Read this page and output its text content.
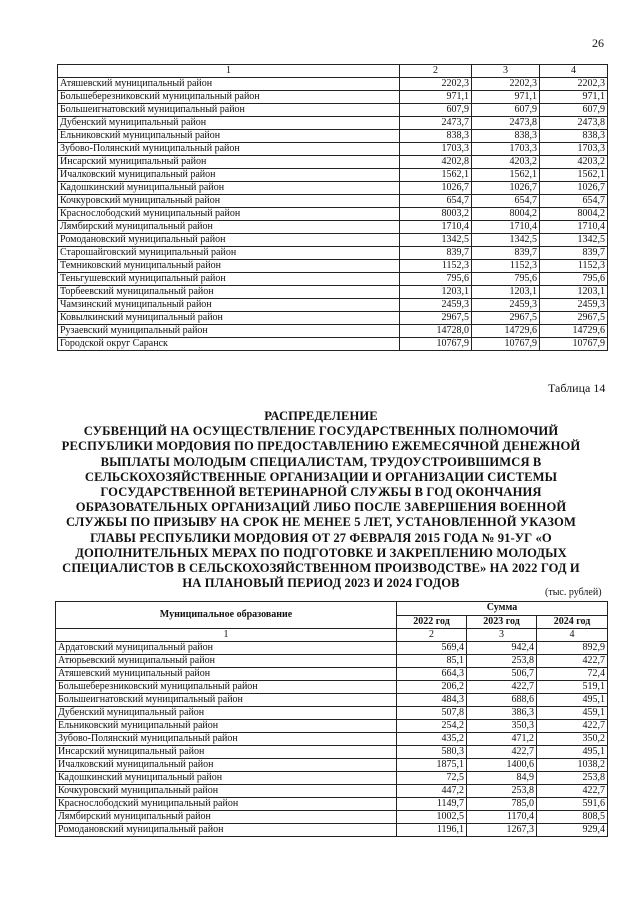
26
1	2	3	4
Атяшевский муниципальный район	2202,3	2202,3	2202,3
Большеберезниковский муниципальный район	971,1	971,1	971,1
Большеигнатовский муниципальный район	607,9	607,9	607,9
Дубенский муниципальный район	2473,7	2473,8	2473,8
Ельниковский муниципальный район	838,3	838,3	838,3
Зубово-Полянский муниципальный район	1703,3	1703,3	1703,3
Инсарский муниципальный район	4202,8	4203,2	4203,2
Ичалковский муниципальный район	1562,1	1562,1	1562,1
Кадошкинский муниципальный район	1026,7	1026,7	1026,7
Кочкуровский муниципальный район	654,7	654,7	654,7
Краснослободский муниципальный район	8003,2	8004,2	8004,2
Лямбирский муниципальный район	1710,4	1710,4	1710,4
Ромодановский муниципальный район	1342,5	1342,5	1342,5
Старошайговский муниципальный район	839,7	839,7	839,7
Темниковский муниципальный район	1152,3	1152,3	1152,3
Теньгушевский муниципальный район	795,6	795,6	795,6
Торбеевский муниципальный район	1203,1	1203,1	1203,1
Чамзинский муниципальный район	2459,3	2459,3	2459,3
Ковылкинский муниципальный район	2967,5	2967,5	2967,5
Рузаевский муниципальный район	14728,0	14729,6	14729,6
Городской округ Саранск	10767,9	10767,9	10767,9
Таблица 14
РАСПРЕДЕЛЕНИЕ
СУБВЕНЦИЙ НА ОСУЩЕСТВЛЕНИЕ ГОСУДАРСТВЕННЫХ ПОЛНОМОЧИЙ
РЕСПУБЛИКИ МОРДОВИЯ ПО ПРЕДОСТАВЛЕНИЮ ЕЖЕМЕСЯЧНОЙ ДЕНЕЖНОЙ
ВЫПЛАТЫ МОЛОДЫМ СПЕЦИАЛИСТАМ, ТРУДОУСТРОИВШИМСЯ В
СЕЛЬСКОХОЗЯЙСТВЕННЫЕ ОРГАНИЗАЦИИ И ОРГАНИЗАЦИИ СИСТЕМЫ
ГОСУДАРСТВЕННОЙ ВЕТЕРИНАРНОЙ СЛУЖБЫ В ГОД ОКОНЧАНИЯ
ОБРАЗОВАТЕЛЬНЫХ ОРГАНИЗАЦИЙ ЛИБО ПОСЛЕ ЗАВЕРШЕНИЯ ВОЕННОЙ
СЛУЖБЫ ПО ПРИЗЫВУ НА СРОК НЕ МЕНЕЕ 5 ЛЕТ, УСТАНОВЛЕННОЙ УКАЗОМ
ГЛАВЫ РЕСПУБЛИКИ МОРДОВИЯ ОТ 27 ФЕВРАЛЯ 2015 ГОДА № 91-УГ «О
ДОПОЛНИТЕЛЬНЫХ МЕРАХ ПО ПОДГОТОВКЕ И ЗАКРЕПЛЕНИЮ МОЛОДЫХ
СПЕЦИАЛИСТОВ В СЕЛЬСКОХОЗЯЙСТВЕННОМ ПРОИЗВОДСТВЕ» НА 2022 ГОД И
НА ПЛАНОВЫЙ ПЕРИОД 2023 И 2024 ГОДОВ
(тыс. рублей)
Муниципальное образование	Сумма		
	2022 год	2023 год	2024 год
1	2	3	4
Ардатовский муниципальный район	569,4	942,4	892,9
Атюрьевский муниципальный район	85,1	253,8	422,7
Атяшевский муниципальный район	664,3	506,7	72,4
Большеберезниковский муниципальный район	206,2	422,7	519,1
Большеигнатовский муниципальный район	484,3	688,6	495,1
Дубенский муниципальный район	507,8	386,3	459,1
Ельниковский муниципальный район	254,2	350,3	422,7
Зубово-Полянский муниципальный район	435,2	471,2	350,2
Инсарский муниципальный район	580,3	422,7	495,1
Ичалковский муниципальный район	1875,1	1400,6	1038,2
Кадошкинский муниципальный район	72,5	84,9	253,8
Кочкуровский муниципальный район	447,2	253,8	422,7
Краснослободский муниципальный район	1149,7	785,0	591,6
Лямбирский муниципальный район	1002,5	1170,4	808,5
Ромодановский муниципальный район	1196,1	1267,3	929,4
